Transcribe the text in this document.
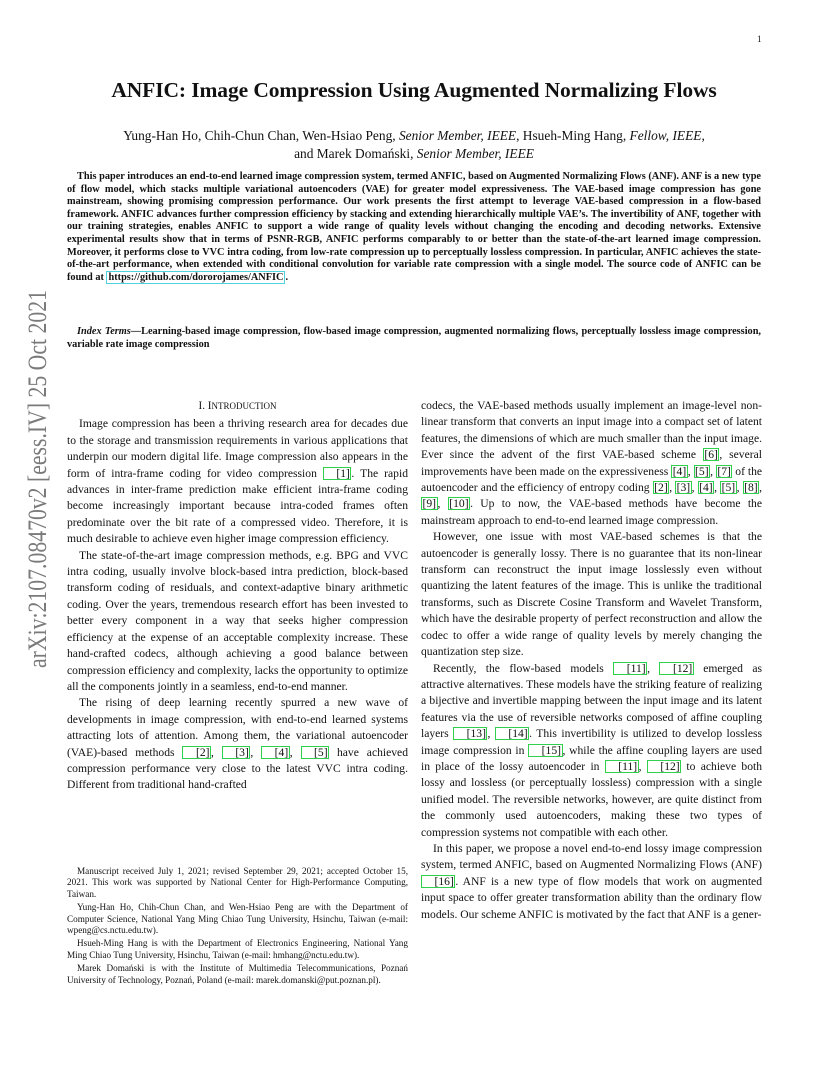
1
arXiv:2107.08470v2 [eess.IV] 25 Oct 2021
ANFIC: Image Compression Using Augmented Normalizing Flows
Yung-Han Ho, Chih-Chun Chan, Wen-Hsiao Peng, Senior Member, IEEE, Hsueh-Ming Hang, Fellow, IEEE,
and Marek Domański, Senior Member, IEEE
This paper introduces an end-to-end learned image compression system, termed ANFIC, based on Augmented Normalizing Flows (ANF). ANF is a new type of flow model, which stacks multiple variational autoencoders (VAE) for greater model expressiveness. The VAE-based image compression has gone mainstream, showing promising compression performance. Our work presents the first attempt to leverage VAE-based compression in a flow-based framework. ANFIC advances further compression efficiency by stacking and extending hierarchically multiple VAE’s. The invertibility of ANF, together with our training strategies, enables ANFIC to support a wide range of quality levels without changing the encoding and decoding networks. Extensive experimental results show that in terms of PSNR-RGB, ANFIC performs comparably to or better than the state-of-the-art learned image compression. Moreover, it performs close to VVC intra coding, from low-rate compression up to perceptually lossless compression. In particular, ANFIC achieves the state-of-the-art performance, when extended with conditional convolution for variable rate compression with a single model. The source code of ANFIC can be found at https://github.com/dororojames/ANFIC .
Index Terms—Learning-based image compression, flow-based image compression, augmented normalizing flows, perceptually lossless image compression, variable rate image compression
I. INTRODUCTION

Image compression has been a thriving research area for decades due to the storage and transmission requirements in various applications that underpin our modern digital life. Image compression also appears in the form of intra-frame coding for video compression [1] . The rapid advances in inter-frame prediction make efficient intra-frame coding become increasingly important because intra-coded frames often predominate over the bit rate of a compressed video. Therefore, it is much desirable to achieve even higher image compression efficiency.

The state-of-the-art image compression methods, e.g. BPG and VVC intra coding, usually involve block-based intra prediction, block-based transform coding of residuals, and context-adaptive binary arithmetic coding. Over the years, tremendous research effort has been invested to better every component in a way that seeks higher compression efficiency at the expense of an acceptable complexity increase. These hand-crafted codecs, although achieving a good balance between compression efficiency and complexity, lacks the opportunity to optimize all the components jointly in a seamless, end-to-end manner.

The rising of deep learning recently spurred a new wave of developments in image compression, with end-to-end learned systems attracting lots of attention. Among them, the variational autoencoder (VAE)-based methods [2] , [3] , [4] , [5] have achieved compression performance very close to the latest VVC intra coding. Different from traditional hand-crafted

Manuscript received July 1, 2021; revised September 29, 2021; accepted October 15, 2021. This work was supported by National Center for High-Performance Computing, Taiwan.

Yung-Han Ho, Chih-Chun Chan, and Wen-Hsiao Peng are with the Department of Computer Science, National Yang Ming Chiao Tung University, Hsinchu, Taiwan (e-mail: wpeng@cs.nctu.edu.tw).

Hsueh-Ming Hang is with the Department of Electronics Engineering, National Yang Ming Chiao Tung University, Hsinchu, Taiwan (e-mail: hmhang@nctu.edu.tw).

Marek Domański is with the Institute of Multimedia Telecommunications, Poznań University of Technology, Poznań, Poland (e-mail: marek.domanski@put.poznan.pl).

codecs, the VAE-based methods usually implement an image-level non-linear transform that converts an input image into a compact set of latent features, the dimensions of which are much smaller than the input image. Ever since the advent of the first VAE-based scheme [6] , several improvements have been made on the expressiveness [4] , [5] , [7] of the autoencoder and the efficiency of entropy coding [2] , [3] , [4] , [5] , [8] , [9] , [10] . Up to now, the VAE-based methods have become the mainstream approach to end-to-end learned image compression.

However, one issue with most VAE-based schemes is that the autoencoder is generally lossy. There is no guarantee that its non-linear transform can reconstruct the input image losslessly even without quantizing the latent features of the image. This is unlike the traditional transforms, such as Discrete Cosine Transform and Wavelet Transform, which have the desirable property of perfect reconstruction and allow the codec to offer a wide range of quality levels by merely changing the quantization step size.

Recently, the flow-based models [11] , [12] emerged as attractive alternatives. These models have the striking feature of realizing a bijective and invertible mapping between the input image and its latent features via the use of reversible networks composed of affine coupling layers [13] , [14] . This invertibility is utilized to develop lossless image compression in [15] , while the affine coupling layers are used in place of the lossy autoencoder in [11] , [12] to achieve both lossy and lossless (or perceptually lossless) compression with a single unified model. The reversible networks, however, are quite distinct from the commonly used autoencoders, making these two types of compression systems not compatible with each other.

In this paper, we propose a novel end-to-end lossy image compression system, termed ANFIC, based on Augmented Normalizing Flows (ANF) [16] . ANF is a new type of flow models that work on augmented input space to offer greater transformation ability than the ordinary flow models. Our scheme ANFIC is motivated by the fact that ANF is a gener-
